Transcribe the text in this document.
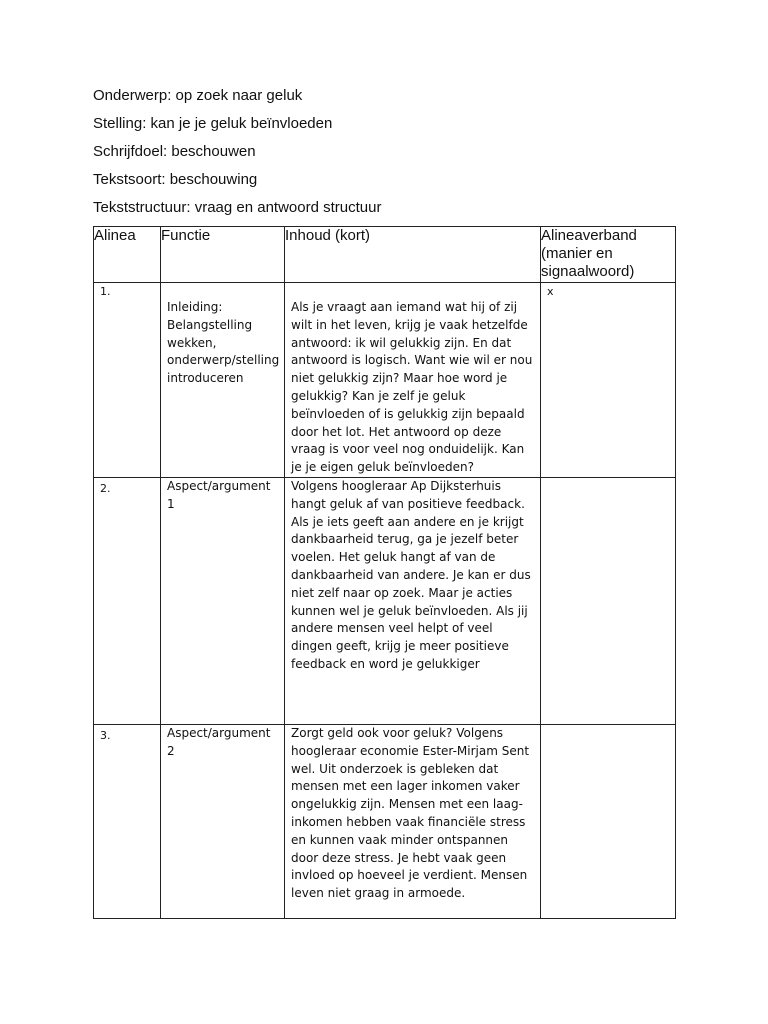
Onderwerp: op zoek naar geluk
Stelling: kan je je geluk beïnvloeden
Schrijfdoel: beschouwen
Tekstsoort: beschouwing
Tekststructuur: vraag en antwoord structuur
Alinea	Functie	Inhoud (kort)	Alineaverband (manier en signaalwoord)

1.	Inleiding: Belangstelling wekken, onderwerp/stelling introduceren	Als je vraagt aan iemand wat hij of zij wilt in het leven, krijg je vaak hetzelfde antwoord: ik wil gelukkig zijn. En dat antwoord is logisch. Want wie wil er nou niet gelukkig zijn? Maar hoe word je gelukkig? Kan je zelf je geluk beïnvloeden of is gelukkig zijn bepaald door het lot. Het antwoord op deze vraag is voor veel nog onduidelijk. Kan je je eigen geluk beïnvloeden?	x

2.	Aspect/argument 1	Volgens hoogleraar Ap Dijksterhuis hangt geluk af van positieve feedback. Als je iets geeft aan andere en je krijgt dankbaarheid terug, ga je jezelf beter voelen. Het geluk hangt af van de dankbaarheid van andere. Je kan er dus niet zelf naar op zoek. Maar je acties kunnen wel je geluk beïnvloeden. Als jij andere mensen veel helpt of veel dingen geeft, krijg je meer positieve feedback en word je gelukkiger	

3.	Aspect/argument 2	Zorgt geld ook voor geluk? Volgens hoogleraar economie Ester-Mirjam Sent wel. Uit onderzoek is gebleken dat mensen met een lager inkomen vaker ongelukkig zijn. Mensen met een laag-inkomen hebben vaak financiële stress en kunnen vaak minder ontspannen door deze stress. Je hebt vaak geen invloed op hoeveel je verdient. Mensen leven niet graag in armoede.	
